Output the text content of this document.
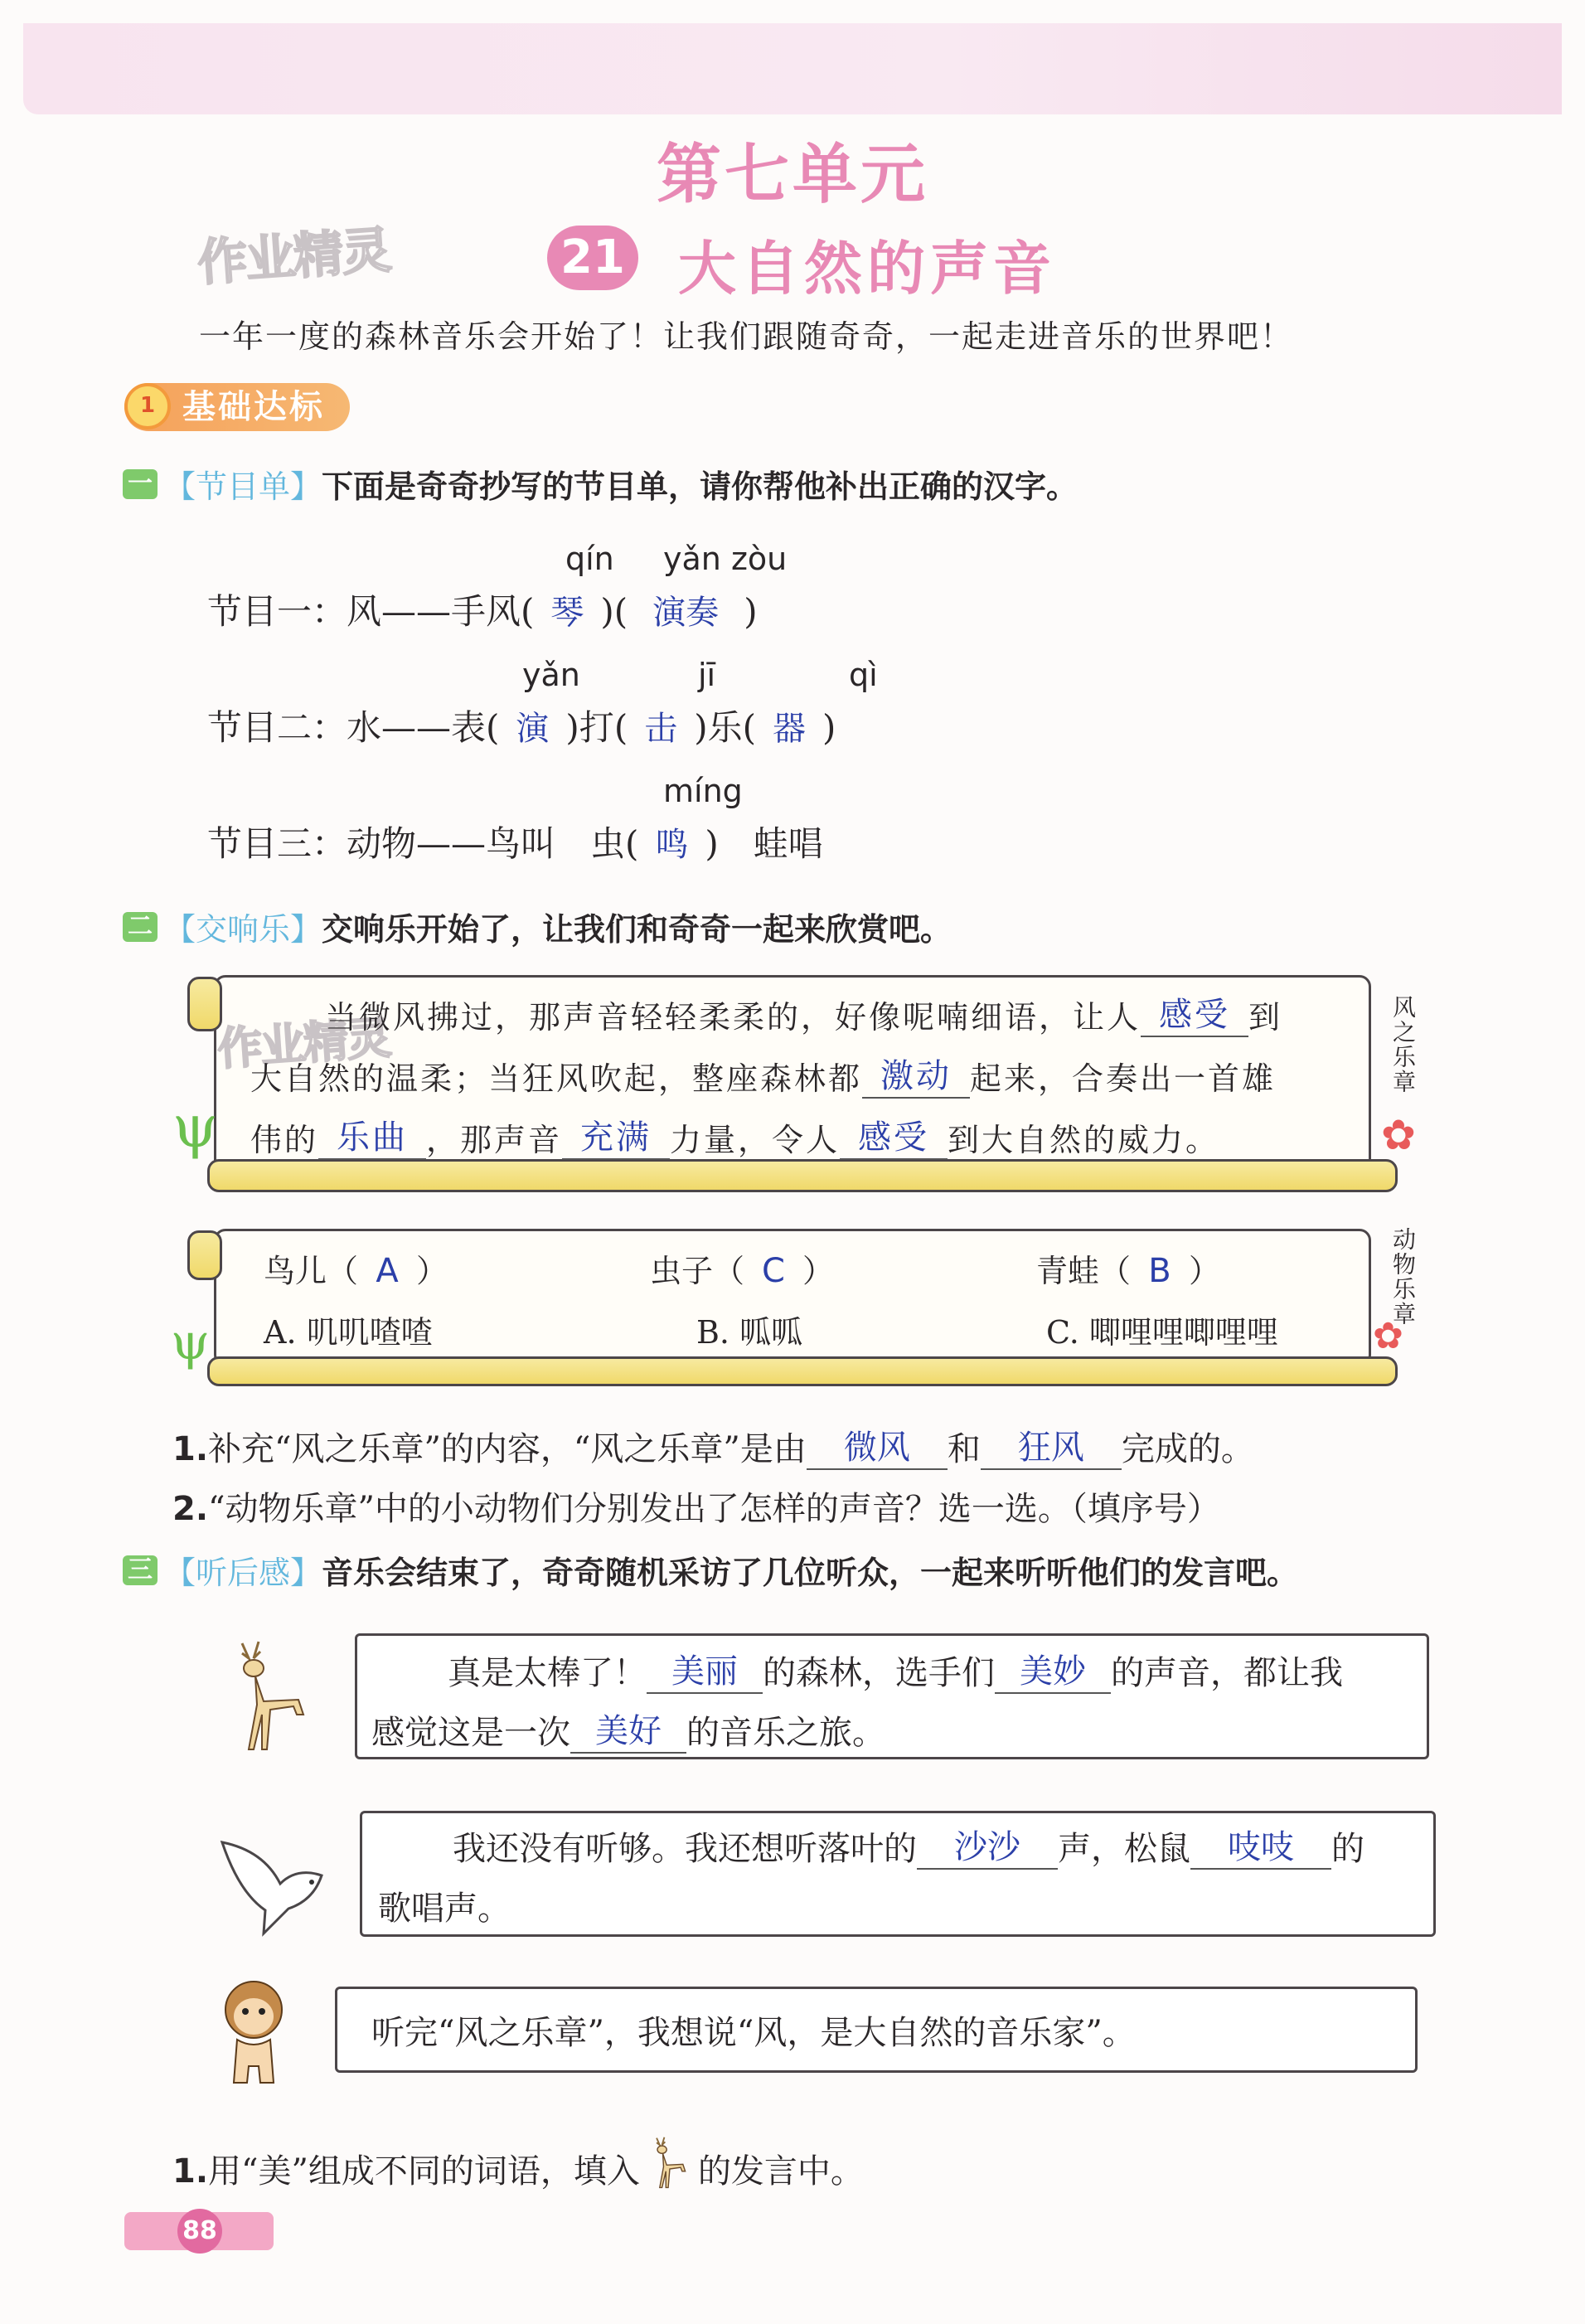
第七单元
作业精灵	21 大自然的声音
一年一度的森林音乐会开始了！让我们跟随奇奇，一起走进音乐的世界吧！
基础达标
1
一 【节目单】 下面是奇奇抄写的节目单，请你帮他补出正确的汉字。
qín yǎn zòu
节目一：风——手风( 琴 )( 演奏 )
yǎn	jī	qì
节目二：水——表( 演 )打( 击 )乐( 器 )
míng
节目三：动物——鸟叫　虫( 鸣 )　蛙唱
二 【交响乐】 交响乐开始了，让我们和奇奇一起来欣赏吧。
风之乐章
✿
ψ
作业精灵
当微风拂过，那声音轻轻柔柔的，好像呢喃细语，让人 感受 到
大自然的温柔；当狂风吹起，整座森林都 激动 起来，合奏出一首雄
伟的 乐曲 ，那声音 充满 力量，令人 感受 到大自然的威力。
动物乐章
✿
ψ
鸟儿（ A ）	虫子（ C ）	青蛙（ B ）
A. 叽叽喳喳	B. 呱呱	C. 唧哩哩唧哩哩
1.补充“风之乐章”的内容，“风之乐章”是由 微风 和 狂风 完成的。
2.“动物乐章”中的小动物们分别发出了怎样的声音？选一选。（填序号）
三 【听后感】 音乐会结束了，奇奇随机采访了几位听众，一起来听听他们的发言吧。
真是太棒了！ 美丽 的森林，选手们 美妙 的声音，都让我
感觉这是一次 美好 的音乐之旅。
我还没有听够。我还想听落叶的 沙沙 声，松鼠 吱吱 的
歌唱声。
听完“风之乐章”，我想说“风，是大自然的音乐家”。
1.用“美”组成不同的词语，填入 的发言中。
88
